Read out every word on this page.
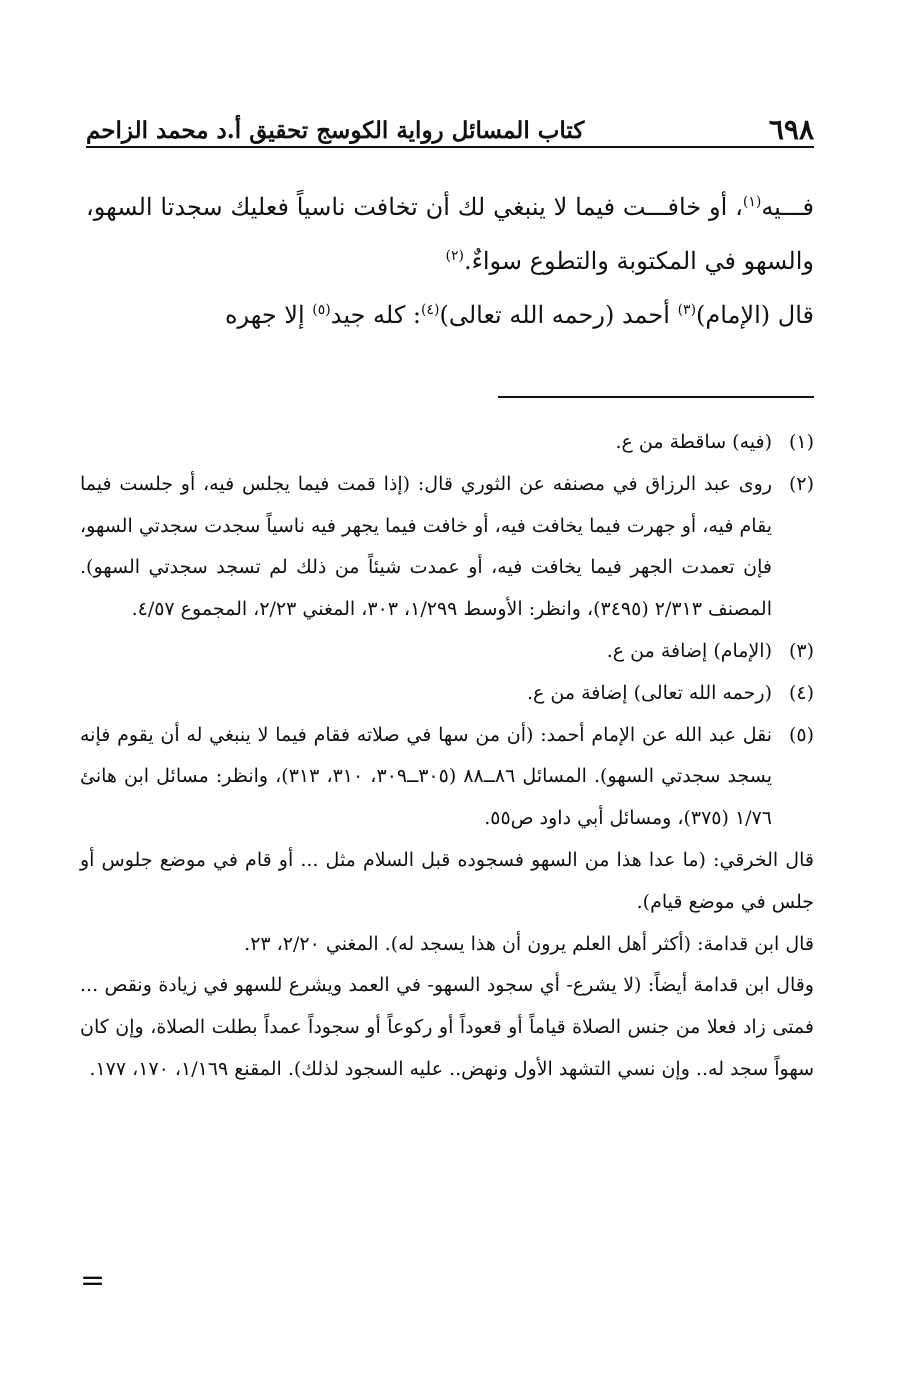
٦٩٨
كتاب المسائل رواية الكوسج تحقيق أ.د محمد الزاحم

فـــيه$^{(١)}$، أو خافـــت فيما لا ينبغي لك أن تخافت ناسياً فعليك سجدتا السهو، والسهو في المكتوبة والتطوع سواءٌ.$^{(٢)}$

قال (الإمام)$^{(٣)}$ أحمد (رحمه الله تعالى)$^{(٤)}$: كله جيد$^{(٥)}$ إلا جهره

(١)(فيه) ساقطة من ع.

(٢)روى عبد الرزاق في مصنفه عن الثوري قال: (إذا قمت فيما يجلس فيه، أو جلست فيما يقام فيه، أو جهرت فيما يخافت فيه، أو خافت فيما يجهر فيه ناسياً سجدت سجدتي السهو، فإن تعمدت الجهر فيما يخافت فيه، أو عمدت شيئاً من ذلك لم تسجد سجدتي السهو). المصنف ٢/٣١٣ (٣٤٩٥)، وانظر: الأوسط ١/٢٩٩، ٣٠٣، المغني ٢/٢٣، المجموع ٤/٥٧.

(٣)(الإمام) إضافة من ع.

(٤)(رحمه الله تعالى) إضافة من ع.

(٥)نقل عبد الله عن الإمام أحمد: (أن من سها في صلاته فقام فيما لا ينبغي له أن يقوم فإنه يسجد سجدتي السهو). المسائل ٨٦ــ٨٨ (٣٠٥ــ٣٠٩، ٣١٠، ٣١٣)، وانظر: مسائل ابن هانئ ١/٧٦ (٣٧٥)، ومسائل أبي داود ص٥٥.

قال الخرقي: (ما عدا هذا من السهو فسجوده قبل السلام مثل ... أو قام في موضع جلوس أو جلس في موضع قيام).

قال ابن قدامة: (أكثر أهل العلم يرون أن هذا يسجد له). المغني ٢/٢٠، ٢٣.

وقال ابن قدامة أيضاً: (لا يشرع- أي سجود السهو- في العمد ويشرع للسهو في زيادة ونقص ... فمتى زاد فعلا من جنس الصلاة قياماً أو قعوداً أو ركوعاً أو سجوداً عمداً بطلت الصلاة، وإن كان سهواً سجد له.. وإن نسي التشهد الأول ونهض.. عليه السجود لذلك). المقنع ١/١٦٩، ١٧٠، ١٧٧.

=
